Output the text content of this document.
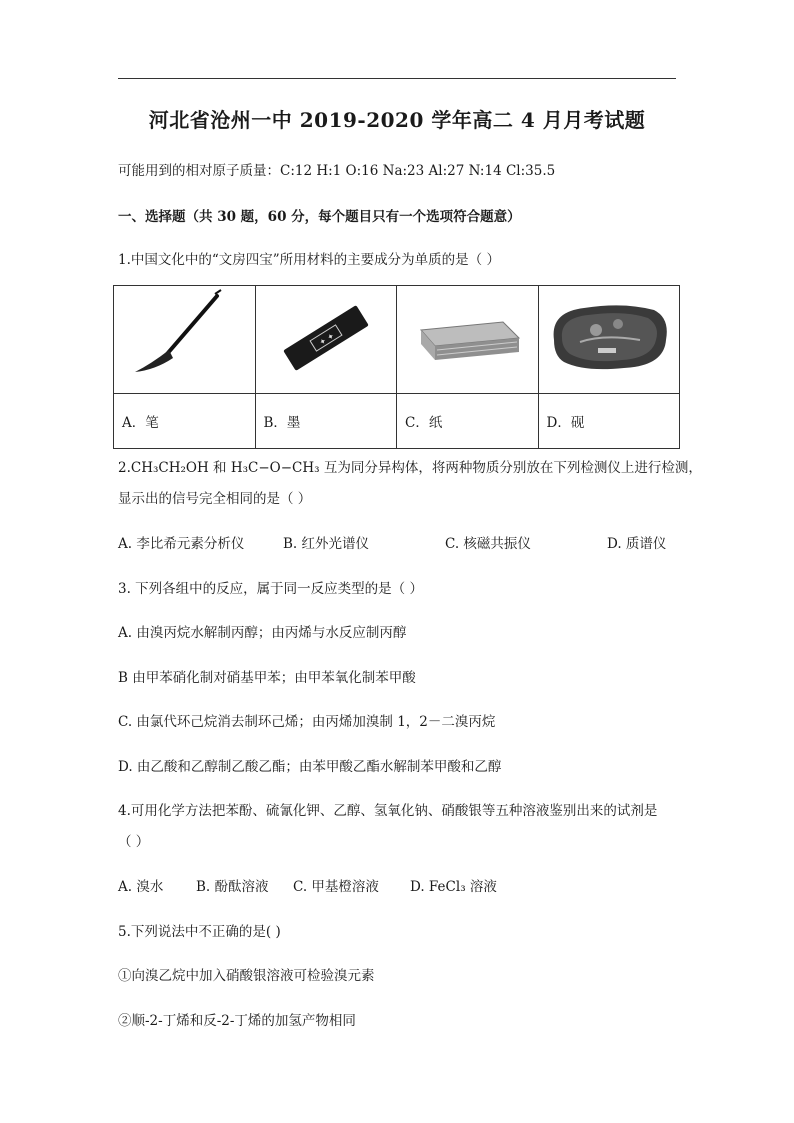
河北省沧州一中 2019-2020 学年高二 4 月月考试题
可能用到的相对原子质量：C:12 H:1 O:16 Na:23 Al:27 N:14 Cl:35.5
一、选择题（共 30 题，60 分，每个题目只有一个选项符合题意）
1.中国文化中的“文房四宝”所用材料的主要成分为单质的是（ ）

✦ ✦

A．笔	B．墨	C．纸	D．砚
2.CH₃CH₂OH 和 H₃C−O−CH₃ 互为同分异构体，将两种物质分别放在下列检测仪上进行检测，
显示出的信号完全相同的是（ ）
A. 李比希元素分析仪	B. 红外光谱仪	C. 核磁共振仪	D. 质谱仪
3. 下列各组中的反应，属于同一反应类型的是（ ）
A. 由溴丙烷水解制丙醇；由丙烯与水反应制丙醇
B 由甲苯硝化制对硝基甲苯；由甲苯氧化制苯甲酸
C. 由氯代环己烷消去制环己烯；由丙烯加溴制 1，2－二溴丙烷
D. 由乙酸和乙醇制乙酸乙酯；由苯甲酸乙酯水解制苯甲酸和乙醇
4.可用化学方法把苯酚、硫氰化钾、乙醇、氢氧化钠、硝酸银等五种溶液鉴别出来的试剂是
（ ）
A. 溴水 B. 酚酞溶液 C. 甲基橙溶液 D. FeCl₃ 溶液
5.下列说法中不正确的是( )
①向溴乙烷中加入硝酸银溶液可检验溴元素
②顺-2-丁烯和反-2-丁烯的加氢产物相同
